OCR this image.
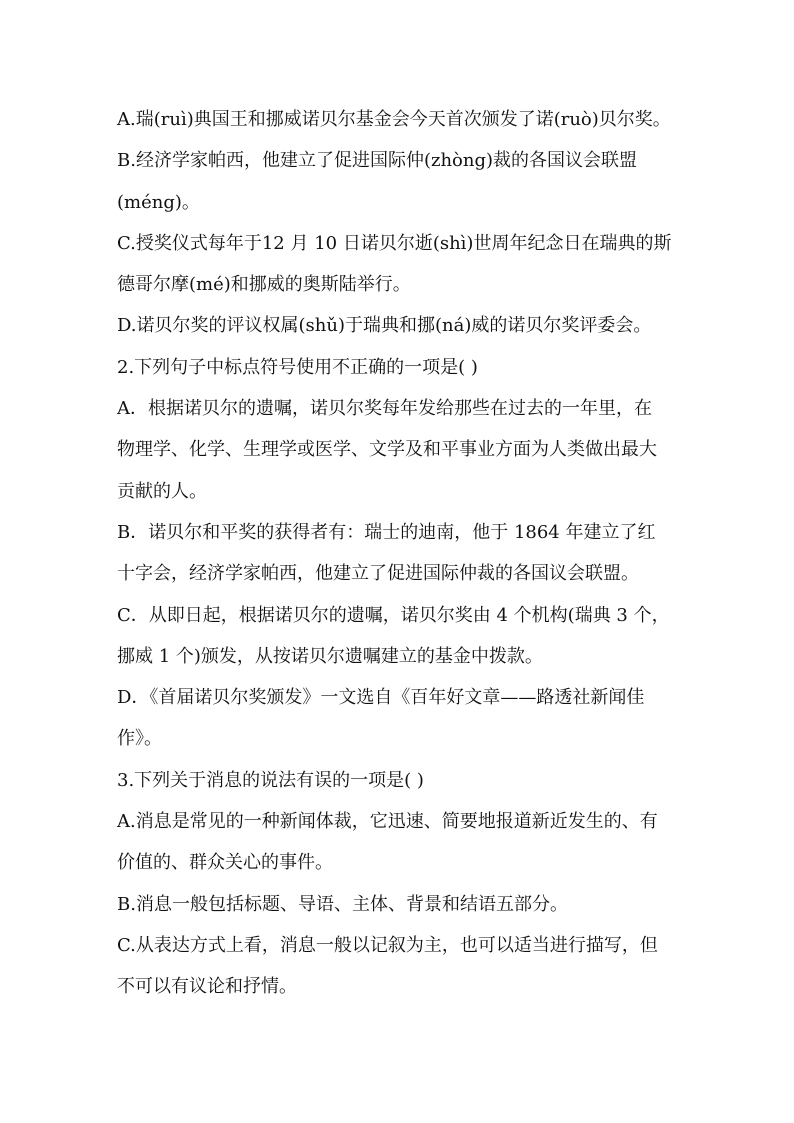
A.瑞(ruì)典国王和挪威诺贝尔基金会今天首次颁发了诺(ruò)贝尔奖。

B.经济学家帕西，他建立了促进国际仲(zhòng)裁的各国议会联盟

(méng)。

C.授奖仪式每年于12 月 10 日诺贝尔逝(shì)世周年纪念日在瑞典的斯

德哥尔摩(mé)和挪威的奥斯陆举行。

D.诺贝尔奖的评议权属(shǔ)于瑞典和挪(ná)威的诺贝尔奖评委会。

2.下列句子中标点符号使用不正确的一项是( )

A．根据诺贝尔的遗嘱，诺贝尔奖每年发给那些在过去的一年里，在

物理学、化学、生理学或医学、文学及和平事业方面为人类做出最大

贡献的人。

B．诺贝尔和平奖的获得者有：瑞士的迪南，他于 1864 年建立了红

十字会，经济学家帕西，他建立了促进国际仲裁的各国议会联盟。

C．从即日起，根据诺贝尔的遗嘱，诺贝尔奖由 4 个机构(瑞典 3 个，

挪威 1 个)颁发，从按诺贝尔遗嘱建立的基金中拨款。

D．《首届诺贝尔奖颁发》一文选自《百年好文章——路透社新闻佳

作》。

3.下列关于消息的说法有误的一项是( )

A.消息是常见的一种新闻体裁，它迅速、简要地报道新近发生的、有

价值的、群众关心的事件。

B.消息一般包括标题、导语、主体、背景和结语五部分。

C.从表达方式上看，消息一般以记叙为主，也可以适当进行描写，但

不可以有议论和抒情。
